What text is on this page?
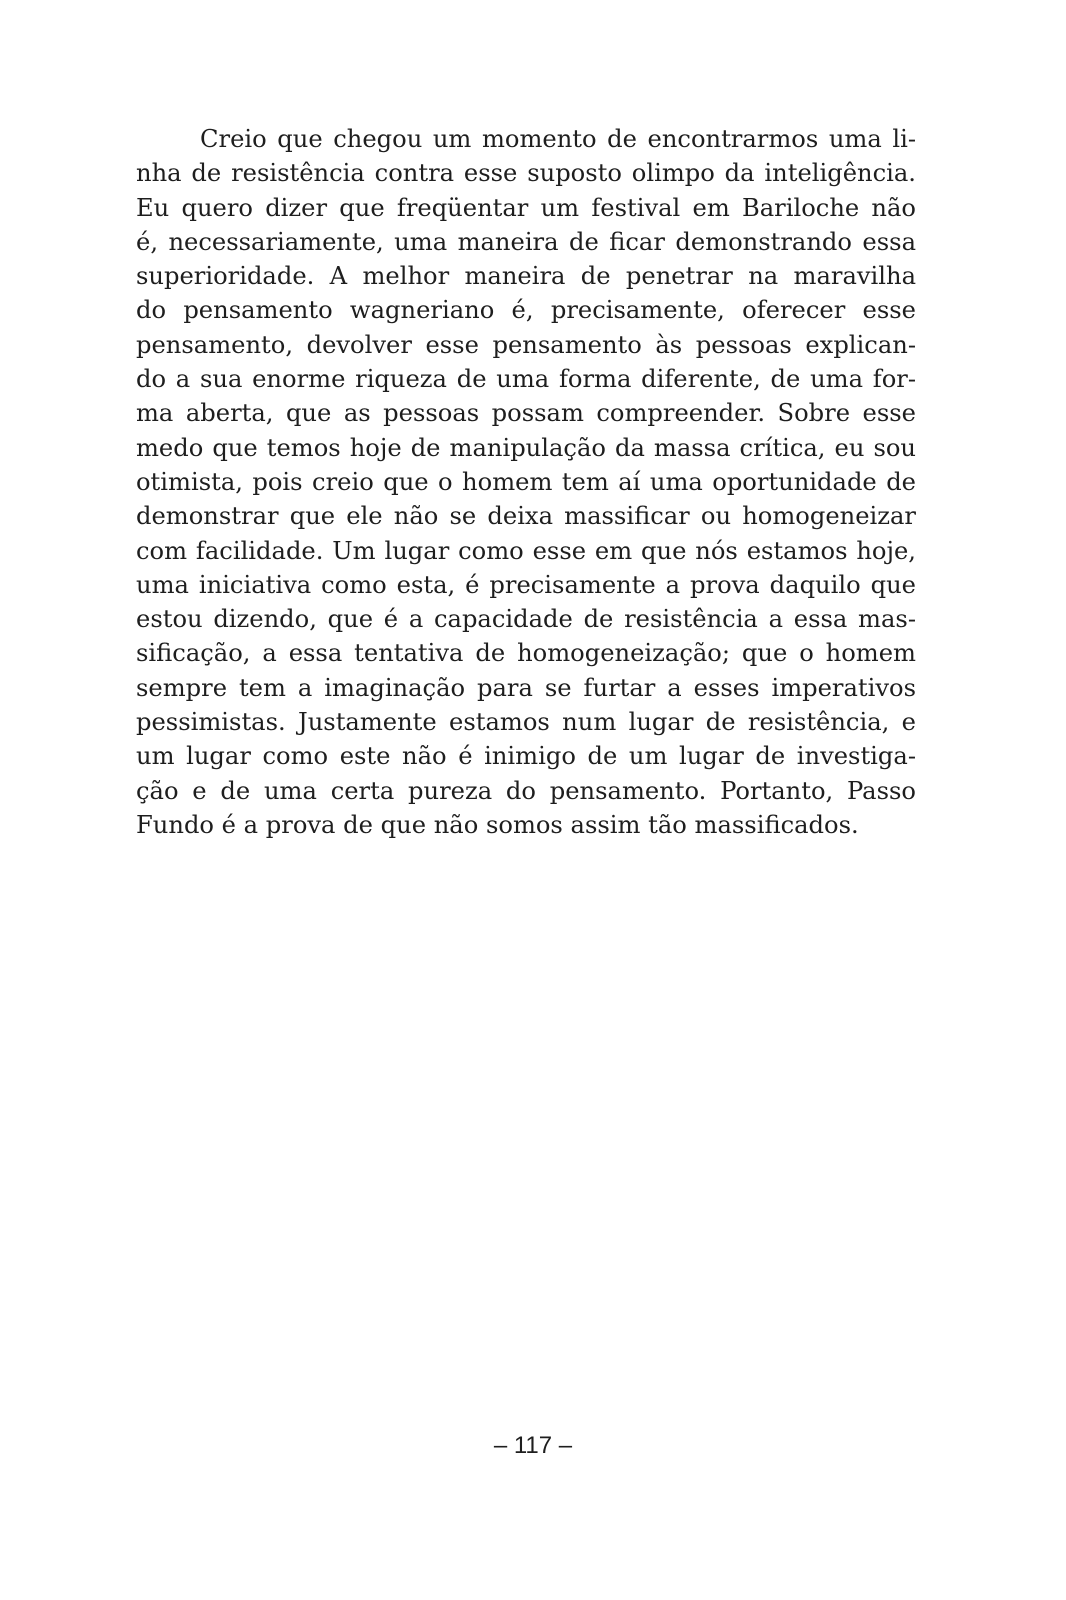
Creio que chegou um momento de encontrarmos uma li-
nha de resistência contra esse suposto olimpo da inteligência.
Eu quero dizer que freqüentar um festival em Bariloche não
é, necessariamente, uma maneira de ficar demonstrando essa
superioridade. A melhor maneira de penetrar na maravilha
do pensamento wagneriano é, precisamente, oferecer esse
pensamento, devolver esse pensamento às pessoas explican-
do a sua enorme riqueza de uma forma diferente, de uma for-
ma aberta, que as pessoas possam compreender. Sobre esse
medo que temos hoje de manipulação da massa crítica, eu sou
otimista, pois creio que o homem tem aí uma oportunidade de
demonstrar que ele não se deixa massificar ou homogeneizar
com facilidade. Um lugar como esse em que nós estamos hoje,
uma iniciativa como esta, é precisamente a prova daquilo que
estou dizendo, que é a capacidade de resistência a essa mas-
sificação, a essa tentativa de homogeneização; que o homem
sempre tem a imaginação para se furtar a esses imperativos
pessimistas. Justamente estamos num lugar de resistência, e
um lugar como este não é inimigo de um lugar de investiga-
ção e de uma certa pureza do pensamento. Portanto, Passo
Fundo é a prova de que não somos assim tão massificados.
– 117 –
